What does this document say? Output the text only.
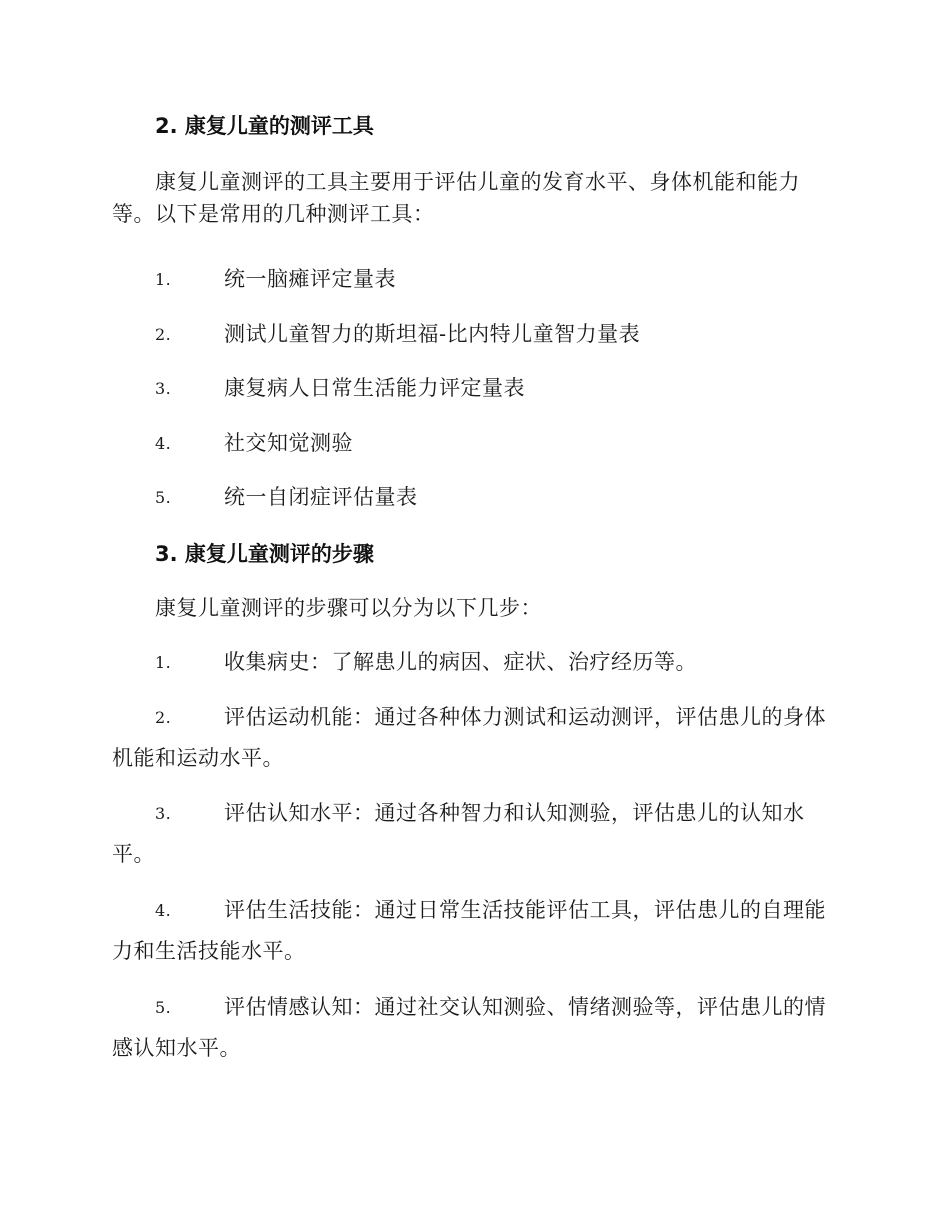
2. 康复儿童的测评工具
康复儿童测评的工具主要用于评估儿童的发育水平、身体机能和能力
等。以下是常用的几种测评工具：
1.	统一脑瘫评定量表
2.	测试儿童智力的斯坦福-比内特儿童智力量表
3.	康复病人日常生活能力评定量表
4.	社交知觉测验
5.	统一自闭症评估量表
3. 康复儿童测评的步骤
康复儿童测评的步骤可以分为以下几步：
1.	收集病史：了解患儿的病因、症状、治疗经历等。
2.	评估运动机能：通过各种体力测试和运动测评，评估患儿的身体
机能和运动水平。
3.	评估认知水平：通过各种智力和认知测验，评估患儿的认知水
平。
4.	评估生活技能：通过日常生活技能评估工具，评估患儿的自理能
力和生活技能水平。
5.	评估情感认知：通过社交认知测验、情绪测验等，评估患儿的情
感认知水平。
